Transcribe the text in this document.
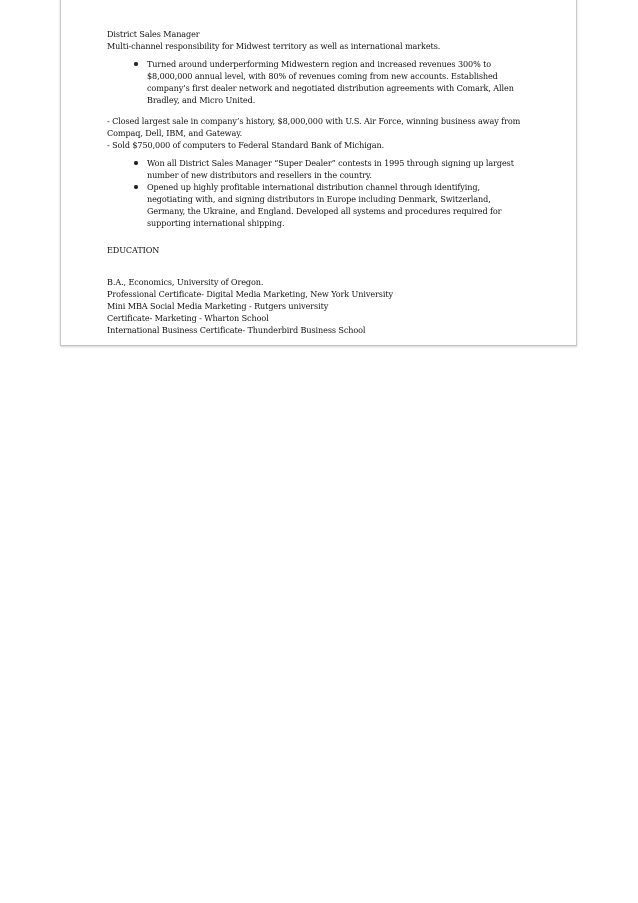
District Sales Manager

Multi-channel responsibility for Midwest territory as well as international markets.

Turned around underperforming Midwestern region and increased revenues 300% to $8,000,000 annual level, with 80% of revenues coming from new accounts. Established company’s first dealer network and negotiated distribution agreements with Comark, Allen Bradley, and Micro United.

- Closed largest sale in company’s history, $8,000,000 with U.S. Air Force, winning business away from Compaq, Dell, IBM, and Gateway.

- Sold $750,000 of computers to Federal Standard Bank of Michigan.

Won all District Sales Manager “Super Dealer” contests in 1995 through signing up largest number of new distributors and resellers in the country.
Opened up highly profitable international distribution channel through identifying, negotiating with, and signing distributors in Europe including Denmark, Switzerland, Germany, the Ukraine, and England. Developed all systems and procedures required for supporting international shipping.

EDUCATION

B.A., Economics, University of Oregon.

Professional Certificate- Digital Media Marketing, New York University

Mini MBA Social Media Marketing - Rutgers university

Certificate- Marketing - Wharton School

International Business Certificate- Thunderbird Business School
